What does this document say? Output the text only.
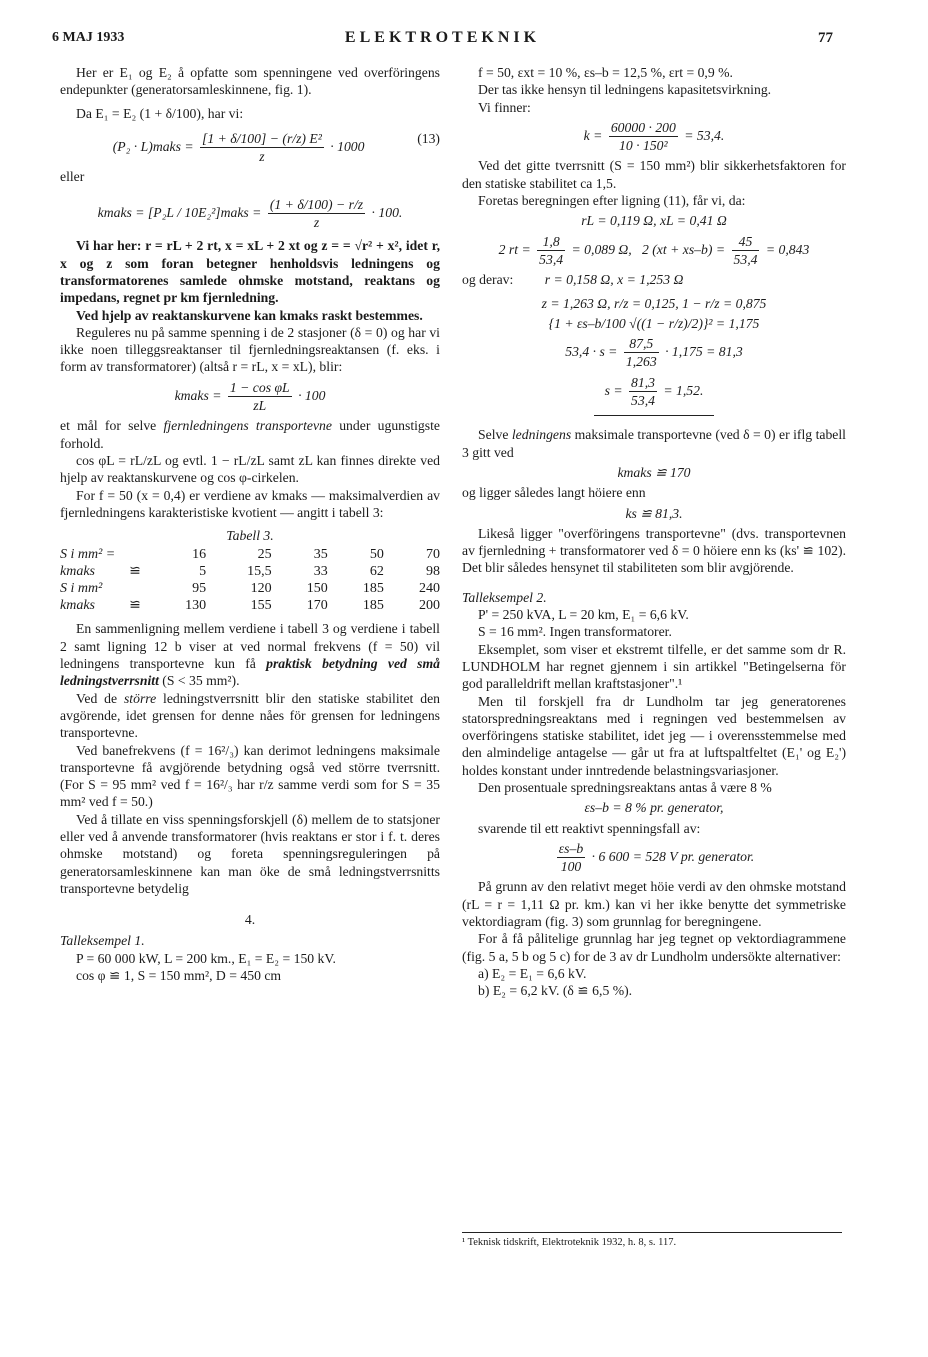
6 MAJ 1933	ELEKTROTEKNIK	77

Her er E₁ og E₂ å opfatte som spenningene ved overföringens endepunkter (generatorsamleskinnene, fig. 1).

Da E₁ = E₂ (1 + δ/100), har vi:

(P₂ · L)maks = $\frac{\text{[1 + δ/100] − (r/z) E²}}{z} \cdot 1000$
(13)

eller

kmaks = [P₂L / 10E₂²]maks = $\frac{(1 + \delta/100) - r/z}{z} \cdot 100$.

Vi har her: r = rL + 2 rt, x = xL + 2 xt og z = = √r² + x², idet r, x og z som foran betegner henholdsvis ledningens og transformatorenes samlede ohmske motstand, reaktans og impedans, regnet pr km fjernledning.

Ved hjelp av reaktanskurvene kan kmaks raskt bestemmes.

Reguleres nu på samme spenning i de 2 stasjoner (δ = 0) og har vi ikke noen tilleggsreaktanser til fjernledningsreaktansen (f. eks. i form av transformatorer) (altså r = rL, x = xL), blir:

kmaks = $\frac{\text{1 − cos φL}}{zL} \cdot 100$

et mål for selve fjernledningens transportevne under ugunstigste forhold.

cos φL = rL/zL og evtl. 1 − rL/zL samt zL kan finnes direkte ved hjelp av reaktanskurvene og cos φ-cirkelen.

For f = 50 (x = 0,4) er verdiene av kmaks — maksimalverdien av fjernledningens karakteristiske kvotient — angitt i tabell 3:

Tabell 3.

S i mm² =		16	25	35	50	70
kmaks	≌	5	15,5	33	62	98
S i mm²		95	120	150	185	240
kmaks	≌	130	155	170	185	200

En sammenligning mellem verdiene i tabell 3 og verdiene i tabell 2 samt ligning 12 b viser at ved normal frekvens (f = 50) vil ledningens transportevne kun få praktisk betydning ved små ledningstverrsnitt (S < 35 mm²).

Ved de större ledningstverrsnitt blir den statiske stabilitet den avgörende, idet grensen for denne nåes för grensen for ledningens transportevne.

Ved banefrekvens (f = 16²/₃) kan derimot ledningens maksimale transportevne få avgjörende betydning også ved större tverrsnitt. (For S = 95 mm² ved f = 16²/₃ har r/z samme verdi som for S = 35 mm² ved f = 50.)

Ved å tillate en viss spenningsforskjell (δ) mellem de to statsjoner eller ved å anvende transformatorer (hvis reaktans er stor i f. t. deres ohmske motstand) og foreta spenningsreguleringen på generatorsamleskinnene kan man öke de små ledningstverrsnitts transportevne betydelig

4.

Talleksempel 1.

P = 60 000 kW, L = 200 km., E₁ = E₂ = 150 kV.

cos φ ≌ 1, S = 150 mm², D = 450 cm

f = 50, εxt = 10 %, εs–b = 12,5 %, εrt = 0,9 %.

Der tas ikke hensyn til ledningens kapasitetsvirkning.

Vi finner:

$k = \frac{60000 \cdot 200}{\text{10 · 150²}} = 53,4$.

Ved det gitte tverrsnitt (S = 150 mm²) blir sikkerhetsfaktoren for den statiske stabilitet ca 1,5.

Foretas beregningen efter ligning (11), får vi, da:

rL = 0,119 Ω, xL = 0,41 Ω

2 rt = $\frac{1,8}{53,4} = 0,089$ Ω, 2 $(xt + xs-b) = \frac{45}{53,4} = 0,843$
og derav: r = 0,158 Ω, x = 1,253 Ω

z = 1,263 Ω, r/z = 0,125, 1 − r/z = 0,875

{1 + εs–b/100 √((1 − r/z)/2)}² = 1,175

$53,4 \cdot s = \frac{87,5}{1,263} \cdot 1,175 = 81,3$
$s = \frac{81,3}{53,4} = 1,52$.

Selve ledningens maksimale transportevne (ved δ = 0) er iflg tabell 3 gitt ved

kmaks ≌ 170

og ligger således langt höiere enn

ks ≌ 81,3.

Likeså ligger "overföringens transportevne" (dvs. transportevnen av fjernledning + transformatorer ved δ = 0 höiere enn ks (ks' ≌ 102). Det blir således hensynet til stabiliteten som blir avgjörende.

Talleksempel 2.

P' = 250 kVA, L = 20 km, E₁ = 6,6 kV.

S = 16 mm². Ingen transformatorer.

Eksemplet, som viser et ekstremt tilfelle, er det samme som dr R. LUNDHOLM har regnet gjennem i sin artikkel "Betingelserna för god paralleldrift mellan kraftstasjoner".¹

Men til forskjell fra dr Lundholm tar jeg generatorenes statorspredningsreaktans med i regningen ved bestemmelsen av overföringens statiske stabilitet, idet jeg — i overensstemmelse med den almindelige antagelse — går ut fra at luftspaltfeltet (E₁' og E₂') holdes konstant under inntredende belastningsvariasjoner.

Den prosentuale spredningsreaktans antas å være 8 %

εs–b = 8 % pr. generator,

svarende til ett reaktivt spenningsfall av:

$\frac{\varepsilon s-b}{100} \cdot 6$ 600 = 528 V pr. generator.

På grunn av den relativt meget höie verdi av den ohmske motstand (rL = r = 1,11 Ω pr. km.) kan vi her ikke benytte det symmetriske vektordiagram (fig. 3) som grunnlag for beregningene.

For å få pålitelige grunnlag har jeg tegnet op vektordiagrammene (fig. 5 a, 5 b og 5 c) for de 3 av dr Lundholm undersökte alternativer:

a) E₂ = E₁ = 6,6 kV.

b) E₂ = 6,2 kV. (δ ≌ 6,5 %).

¹ Teknisk tidskrift, Elektroteknik 1932, h. 8, s. 117.
